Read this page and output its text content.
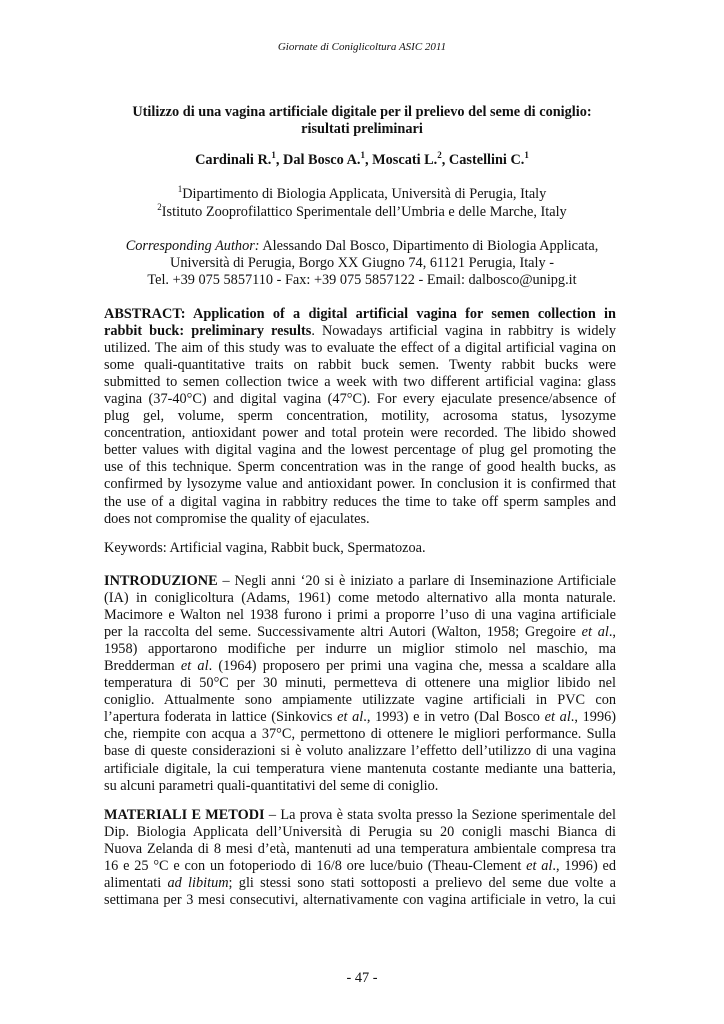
Giornate di Coniglicoltura ASIC 2011
Utilizzo di una vagina artificiale digitale per il prelievo del seme di coniglio:
risultati preliminari
Cardinali R.$^1$, Dal Bosco A.$^1$, Moscati L.$^2$, Castellini C.$^1$
$^1$Dipartimento di Biologia Applicata, Università di Perugia, Italy
$^2$Istituto Zooprofilattico Sperimentale dell’Umbria e delle Marche, Italy
Corresponding Author: Alessando Dal Bosco, Dipartimento di Biologia Applicata,
Università di Perugia, Borgo XX Giugno 74, 61121 Perugia, Italy -
Tel. +39 075 5857110 - Fax: +39 075 5857122 - Email: dalbosco@unipg.it
ABSTRACT: Application of a digital artificial vagina for semen collection in
rabbit buck: preliminary results. Nowadays artificial vagina in rabbitry is widely
utilized. The aim of this study was to evaluate the effect of a digital artificial vagina on
some quali-quantitative traits on rabbit buck semen. Twenty rabbit bucks were
submitted to semen collection twice a week with two different artificial vagina: glass
vagina (37-40°C) and digital vagina (47°C). For every ejaculate presence/absence of
plug gel, volume, sperm concentration, motility, acrosoma status, lysozyme
concentration, antioxidant power and total protein were recorded. The libido showed
better values with digital vagina and the lowest percentage of plug gel promoting the
use of this technique. Sperm concentration was in the range of good health bucks, as
confirmed by lysozyme value and antioxidant power. In conclusion it is confirmed that
the use of a digital vagina in rabbitry reduces the time to take off sperm samples and
does not compromise the quality of ejaculates.
Keywords: Artificial vagina, Rabbit buck, Spermatozoa.
INTRODUZIONE – Negli anni ‘20 si è iniziato a parlare di Inseminazione Artificiale
(IA) in coniglicoltura (Adams, 1961) come metodo alternativo alla monta naturale.
Macimore e Walton nel 1938 furono i primi a proporre l’uso di una vagina artificiale
per la raccolta del seme. Successivamente altri Autori (Walton, 1958; Gregoire et al.,
1958) apportarono modifiche per indurre un miglior stimolo nel maschio, ma
Bredderman et al. (1964) proposero per primi una vagina che, messa a scaldare alla
temperatura di 50°C per 30 minuti, permetteva di ottenere una miglior libido nel
coniglio. Attualmente sono ampiamente utilizzate vagine artificiali in PVC con
l’apertura foderata in lattice (Sinkovics et al., 1993) e in vetro (Dal Bosco et al., 1996)
che, riempite con acqua a 37°C, permettono di ottenere le migliori performance. Sulla
base di queste considerazioni si è voluto analizzare l’effetto dell’utilizzo di una vagina
artificiale digitale, la cui temperatura viene mantenuta costante mediante una batteria,
su alcuni parametri quali-quantitativi del seme di coniglio.
MATERIALI E METODI – La prova è stata svolta presso la Sezione sperimentale del
Dip. Biologia Applicata dell’Università di Perugia su 20 conigli maschi Bianca di
Nuova Zelanda di 8 mesi d’età, mantenuti ad una temperatura ambientale compresa tra
16 e 25 °C e con un fotoperiodo di 16/8 ore luce/buio (Theau-Clement et al., 1996) ed
alimentati ad libitum; gli stessi sono stati sottoposti a prelievo del seme due volte a
settimana per 3 mesi consecutivi, alternativamente con vagina artificiale in vetro, la cui
- 47 -
